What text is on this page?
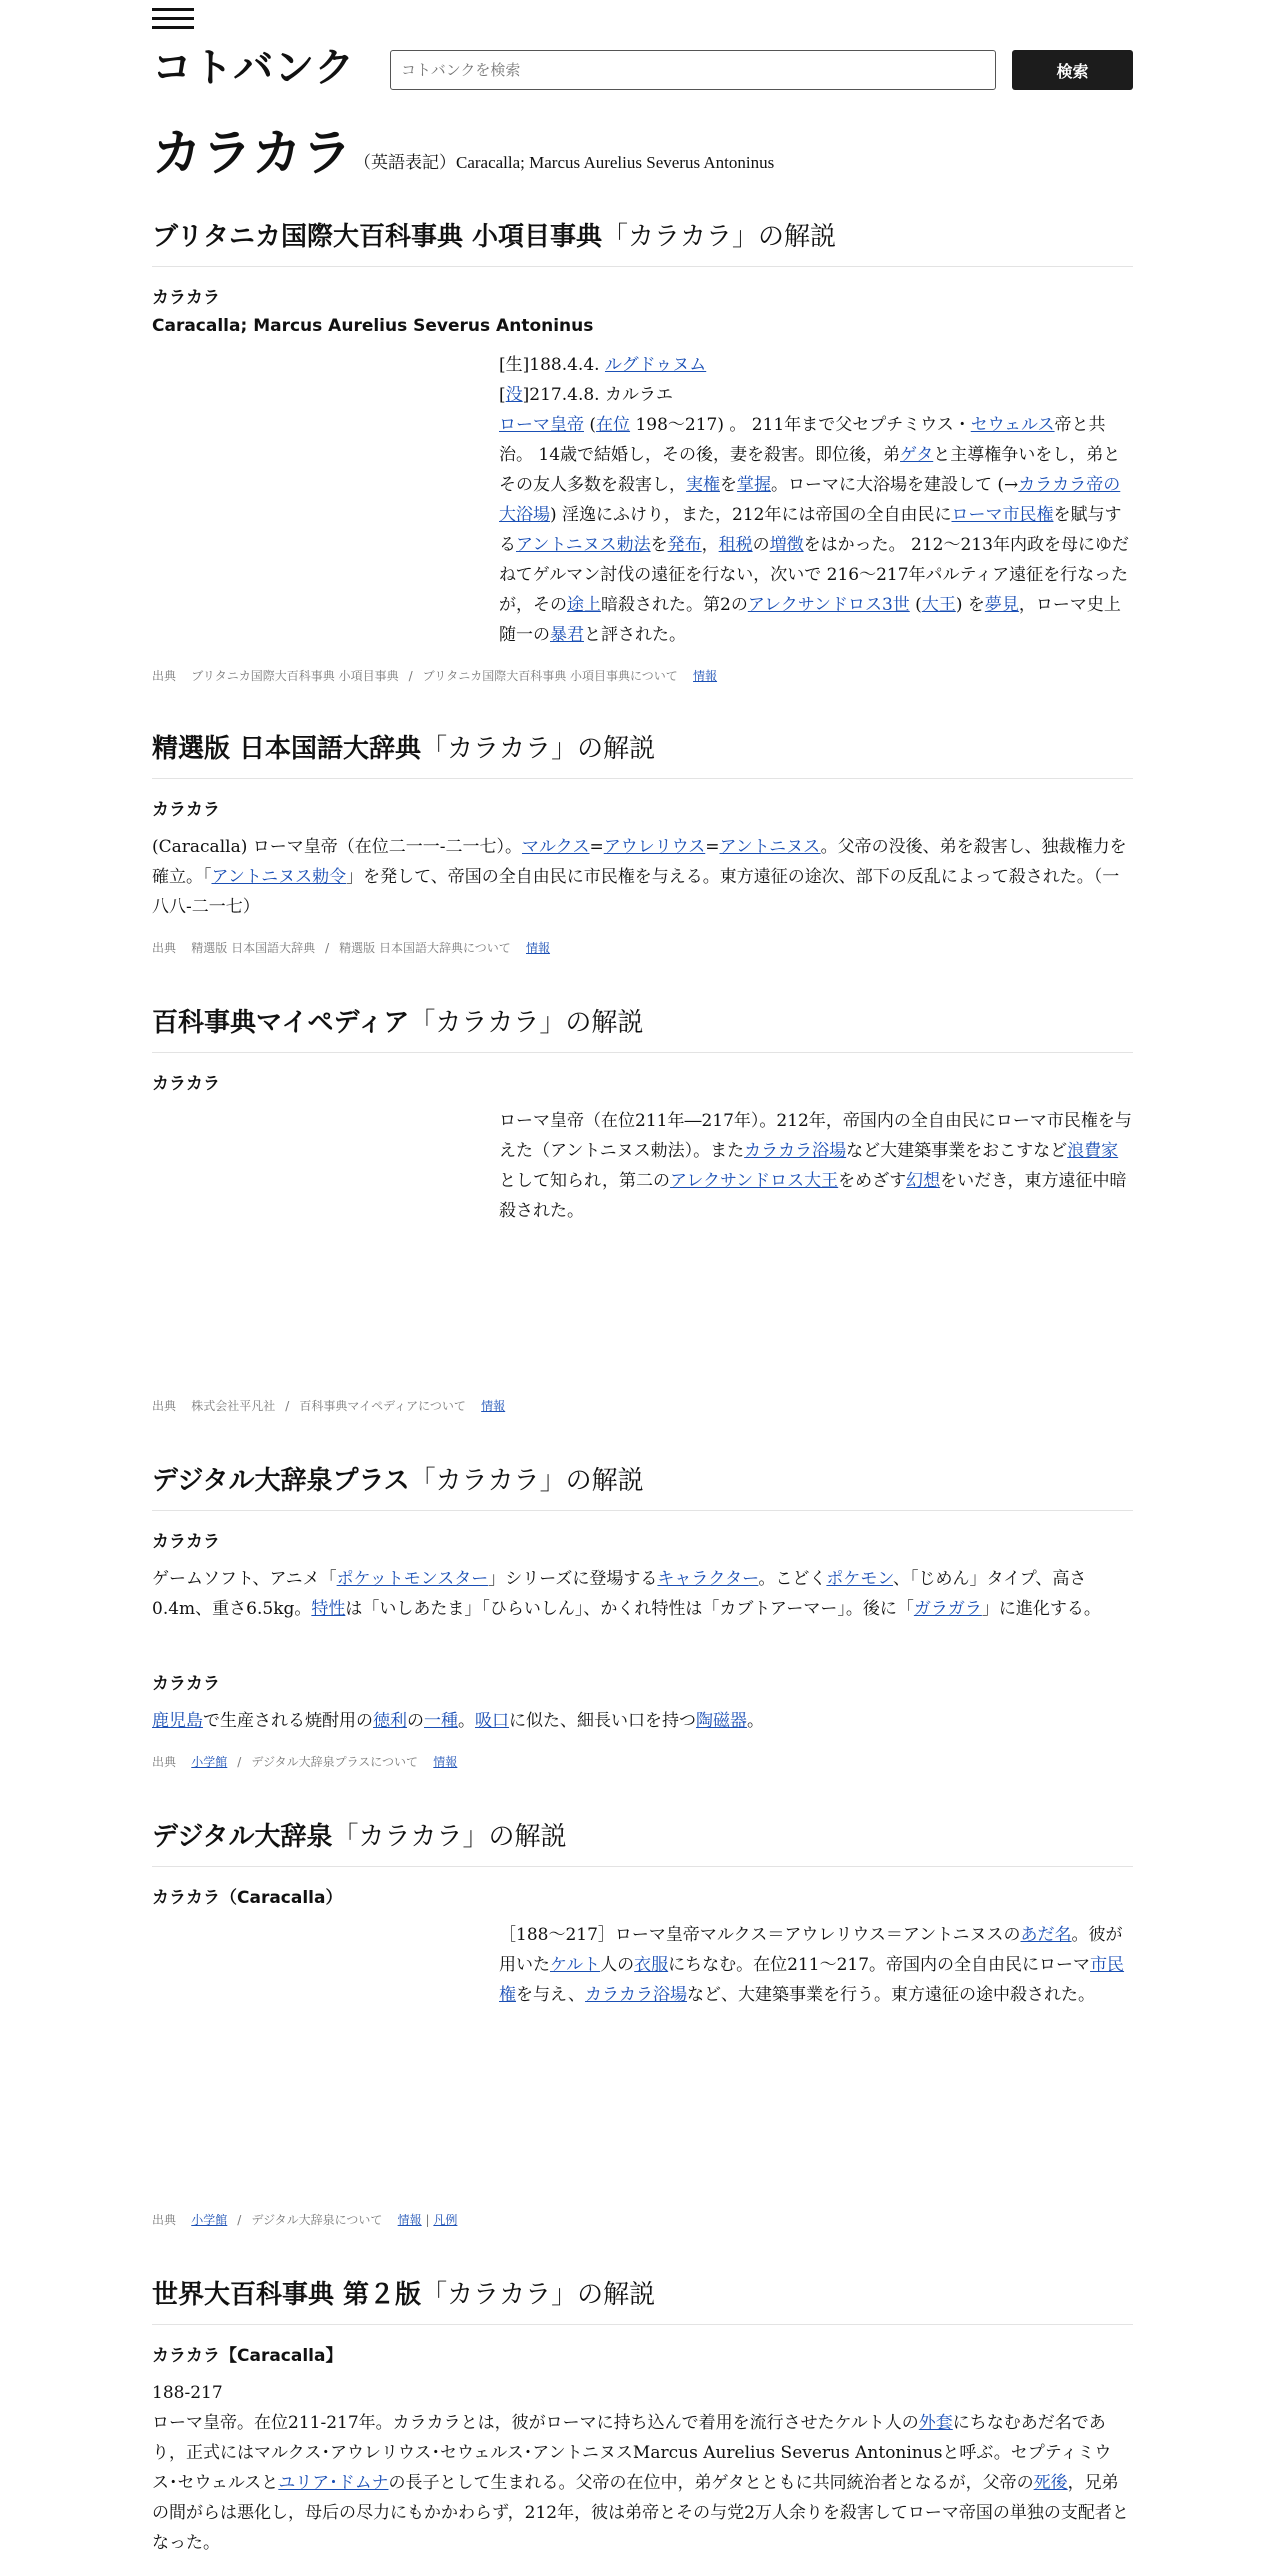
コトバンク
コトバンクを検索	検索
カラカラ （英語表記）Caracalla; Marcus Aurelius Severus Antoninus
ブリタニカ国際大百科事典 小項目事典「カラカラ」の解説
カラカラ
Caracalla; Marcus Aurelius Severus Antoninus
[生]188.4.4. ルグドゥヌム
[没]217.4.8. カルラエ
ローマ皇帝 (在位 198～217) 。 211年まで父セプチミウス・セウェルス帝と共治。 14歳で結婚し，その後，妻を殺害。即位後，弟ゲタと主導権争いをし，弟とその友人多数を殺害し，実権を掌握。ローマに大浴場を建設して (→カラカラ帝の大浴場) 淫逸にふけり，また，212年には帝国の全自由民にローマ市民権を賦与するアントニヌス勅法を発布，租税の増徴をはかった。 212～213年内政を母にゆだねてゲルマン討伐の遠征を行ない，次いで 216～217年パルティア遠征を行なったが，その途上暗殺された。第2のアレクサンドロス3世 (大王) を夢見，ローマ史上随一の暴君と評された。
出典 ブリタニカ国際大百科事典 小項目事典 / ブリタニカ国際大百科事典 小項目事典について 情報
精選版 日本国語大辞典「カラカラ」の解説
カラカラ
(Caracalla) ローマ皇帝（在位二一一‐二一七）。マルクス=アウレリウス=アントニヌス。父帝の没後、弟を殺害し、独裁権力を確立。「アントニヌス勅令」を発して、帝国の全自由民に市民権を与える。東方遠征の途次、部下の反乱によって殺された。（一八八‐二一七）
出典 精選版 日本国語大辞典 / 精選版 日本国語大辞典について 情報
百科事典マイペディア「カラカラ」の解説
カラカラ
ローマ皇帝（在位211年―217年）。212年，帝国内の全自由民にローマ市民権を与えた（アントニヌス勅法）。またカラカラ浴場など大建築事業をおこすなど浪費家として知られ，第二のアレクサンドロス大王をめざす幻想をいだき，東方遠征中暗殺された。
出典 株式会社平凡社 / 百科事典マイペディアについて 情報
デジタル大辞泉プラス「カラカラ」の解説
カラカラ
ゲームソフト、アニメ「ポケットモンスター」シリーズに登場するキャラクター。こどくポケモン、「じめん」タイプ、高さ0.4m、重さ6.5kg。特性は「いしあたま」「ひらいしん」、かくれ特性は「カブトアーマー」。後に「ガラガラ」に進化する。
カラカラ
鹿児島で生産される焼酎用の徳利の一種。吸口に似た、細長い口を持つ陶磁器。
出典 小学館 / デジタル大辞泉プラスについて 情報
デジタル大辞泉「カラカラ」の解説
カラカラ（Caracalla）
［188～217］ローマ皇帝マルクス＝アウレリウス＝アントニヌスのあだ名。彼が用いたケルト人の衣服にちなむ。在位211～217。帝国内の全自由民にローマ市民権を与え、カラカラ浴場など、大建築事業を行う。東方遠征の途中殺された。
出典 小学館 / デジタル大辞泉について 情報 | 凡例
世界大百科事典 第２版「カラカラ」の解説
カラカラ【Caracalla】
188-217
ローマ皇帝。在位211-217年。カラカラとは，彼がローマに持ち込んで着用を流行させたケルト人の外套にちなむあだ名であり，正式にはマルクス･アウレリウス･セウェルス･アントニヌスMarcus Aurelius Severus Antoninusと呼ぶ。セプティミウス･セウェルスとユリア･ドムナの長子として生まれる。父帝の在位中，弟ゲタとともに共同統治者となるが，父帝の死後，兄弟の間がらは悪化し，母后の尽力にもかかわらず，212年，彼は弟帝とその与党2万人余りを殺害してローマ帝国の単独の支配者となった。
